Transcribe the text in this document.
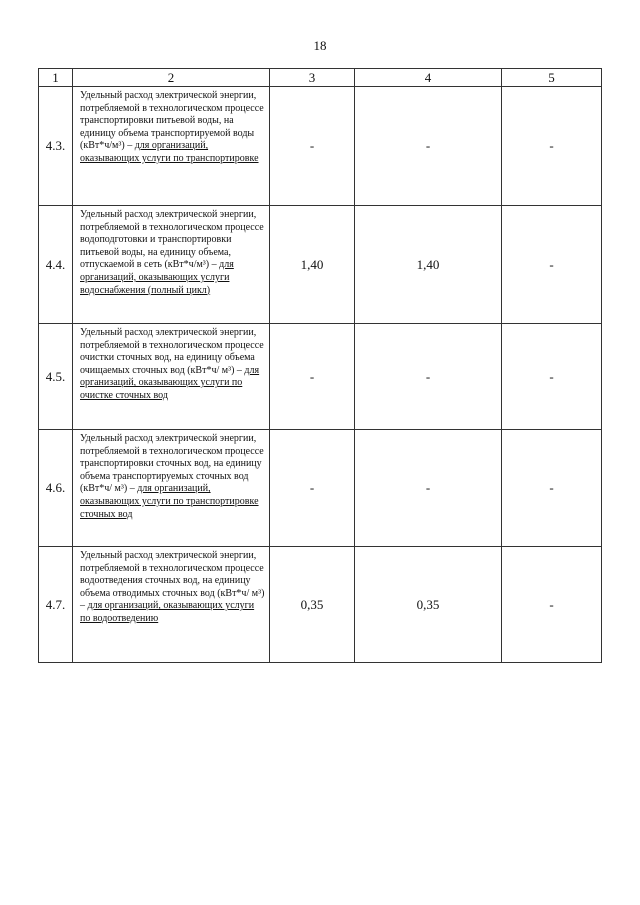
18
1	2	3	4	5
4.3.	Удельный расход электрической энергии, потребляемой в технологическом процессе транспортировки питьевой воды, на единицу объема транспортируемой воды (кВт*ч/м³) – для организаций, оказывающих услуги по транспортировке	-	-	-
4.4.	Удельный расход электрической энергии, потребляемой в технологическом процессе водоподготовки и транспортировки питьевой воды, на единицу объема, отпускаемой в сеть (кВт*ч/м³) – для организаций, оказывающих услуги водоснабжения (полный цикл)	1,40	1,40	-
4.5.	Удельный расход электрической энергии, потребляемой в технологическом процессе очистки сточных вод, на единицу объема очищаемых сточных вод (кВт*ч/ м³) – для организаций, оказывающих услуги по очистке сточных вод	-	-	-
4.6.	Удельный расход электрической энергии, потребляемой в технологическом процессе транспортировки сточных вод, на единицу объема транспортируемых сточных вод (кВт*ч/ м³) – для организаций, оказывающих услуги по транспортировке сточных вод	-	-	-
4.7.	Удельный расход электрической энергии, потребляемой в технологическом процессе водоотведения сточных вод, на единицу объема отводимых сточных вод (кВт*ч/ м³) – для организаций, оказывающих услуги по водоотведению	0,35	0,35	-
